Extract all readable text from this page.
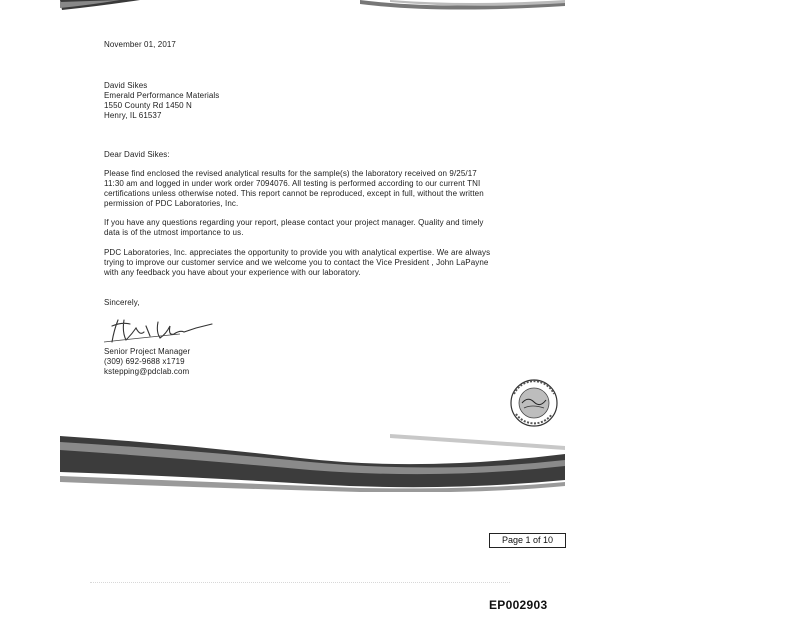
November 01, 2017
David Sikes
Emerald Performance Materials
1550 County Rd 1450 N
Henry, IL 61537
Dear David Sikes:
Please find enclosed the revised analytical results for the sample(s) the laboratory received on 9/25/17
11:30 am and logged in under work order 7094076. All testing is performed according to our current TNI
certifications unless otherwise noted. This report cannot be reproduced, except in full, without the written
permission of PDC Laboratories, Inc.
If you have any questions regarding your report, please contact your project manager. Quality and timely
data is of the utmost importance to us.
PDC Laboratories, Inc. appreciates the opportunity to provide you with analytical expertise. We are always
trying to improve our customer service and we welcome you to contact the Vice President , John LaPayne
with any feedback you have about your experience with our laboratory.
Sincerely,
Senior Project Manager
(309) 692-9688 x1719
kstepping@pdclab.com
Page 1 of 10
EP002903
